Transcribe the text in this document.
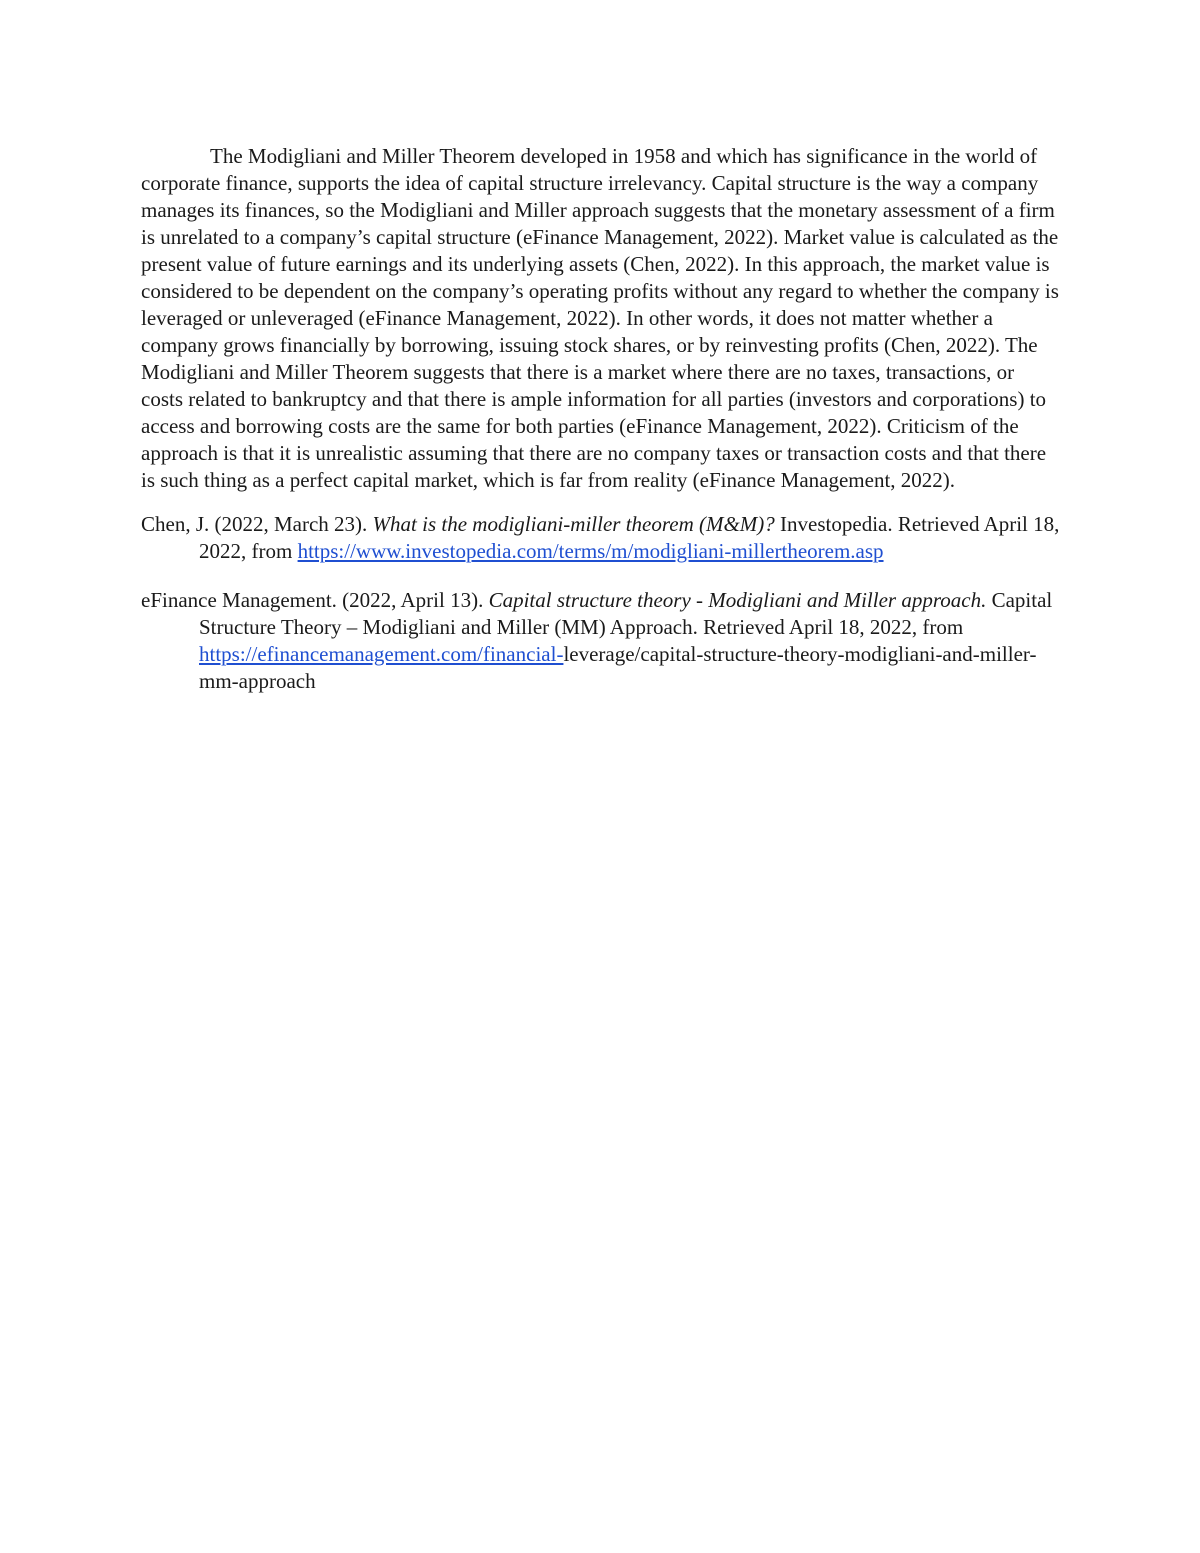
The Modigliani and Miller Theorem developed in 1958 and which has significance in the world of corporate finance, supports the idea of capital structure irrelevancy. Capital structure is the way a company manages its finances, so the Modigliani and Miller approach suggests that the monetary assessment of a firm is unrelated to a company’s capital structure (eFinance Management, 2022). Market value is calculated as the present value of future earnings and its underlying assets (Chen, 2022). In this approach, the market value is considered to be dependent on the company’s operating profits without any regard to whether the company is leveraged or unleveraged (eFinance Management, 2022). In other words, it does not matter whether a company grows financially by borrowing, issuing stock shares, or by reinvesting profits (Chen, 2022). The Modigliani and Miller Theorem suggests that there is a market where there are no taxes, transactions, or costs related to bankruptcy and that there is ample information for all parties (investors and corporations) to access and borrowing costs are the same for both parties (eFinance Management, 2022). Criticism of the approach is that it is unrealistic assuming that there are no company taxes or transaction costs and that there is such thing as a perfect capital market, which is far from reality (eFinance Management, 2022).

Chen, J. (2022, March 23). What is the modigliani-miller theorem (M&M)? Investopedia. Retrieved April 18, 2022, from https://www.investopedia.com/terms/m/modigliani-millertheorem.asp

eFinance Management. (2022, April 13). Capital structure theory - Modigliani and Miller approach. Capital Structure Theory – Modigliani and Miller (MM) Approach. Retrieved April 18, 2022, from https://efinancemanagement.com/financial-leverage/capital-structure-theory-modigliani-and-miller-mm-approach
